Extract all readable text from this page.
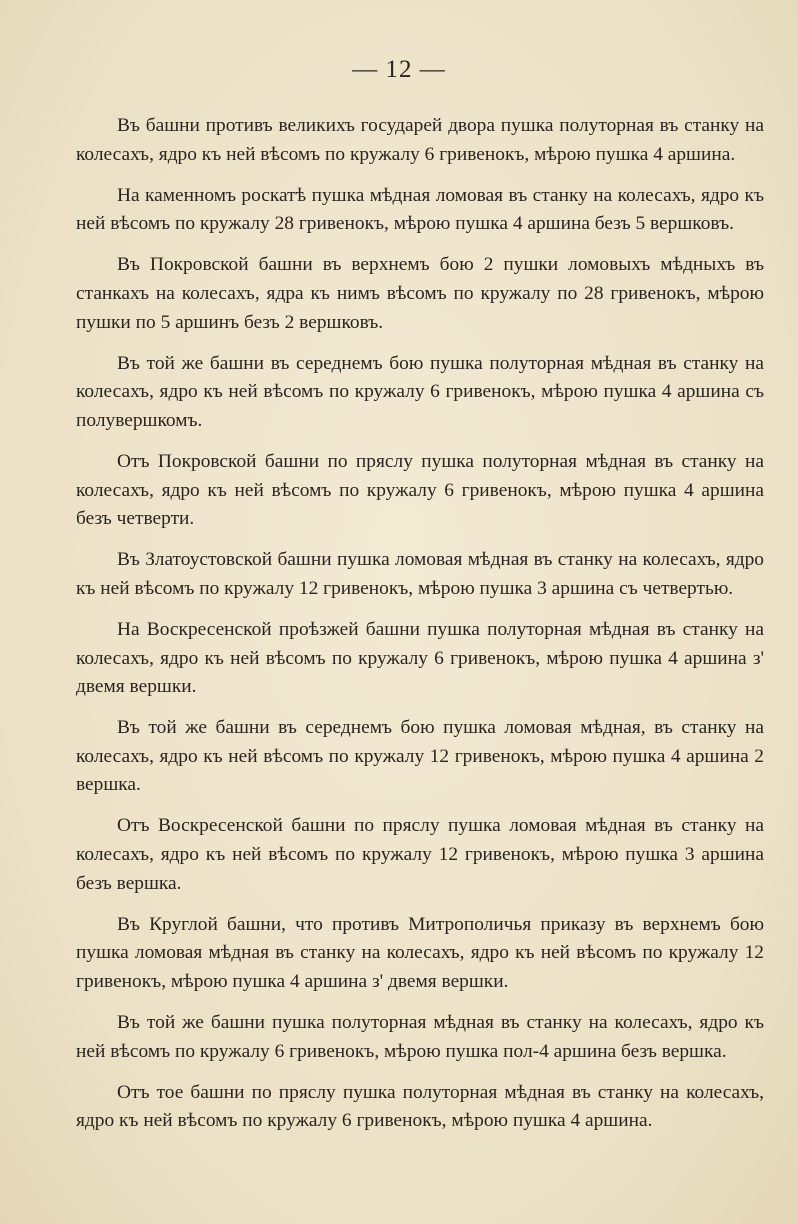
— 12 —

Въ башни противъ великихъ государей двора пушка полуторная въ станку на колесахъ, ядро къ ней вѣсомъ по кружалу 6 гривенокъ, мѣрою пушка 4 аршина.

На каменномъ роскатѣ пушка мѣдная ломовая въ станку на колесахъ, ядро къ ней вѣсомъ по кружалу 28 гривенокъ, мѣрою пушка 4 аршина безъ 5 вершковъ.

Въ Покровской башни въ верхнемъ бою 2 пушки ломовыхъ мѣдныхъ въ станкахъ на колесахъ, ядра къ нимъ вѣсомъ по кружалу по 28 гривенокъ, мѣрою пушки по 5 аршинъ безъ 2 вершковъ.

Въ той же башни въ середнемъ бою пушка полуторная мѣдная въ станку на колесахъ, ядро къ ней вѣсомъ по кружалу 6 гривенокъ, мѣрою пушка 4 аршина съ полувершкомъ.

Отъ Покровской башни по пряслу пушка полуторная мѣдная въ станку на колесахъ, ядро къ ней вѣсомъ по кружалу 6 гривенокъ, мѣрою пушка 4 аршина безъ четверти.

Въ Златоустовской башни пушка ломовая мѣдная въ станку на колесахъ, ядро къ ней вѣсомъ по кружалу 12 гривенокъ, мѣрою пушка 3 аршина съ четвертью.

На Воскресенской проѣзжей башни пушка полуторная мѣдная въ станку на колесахъ, ядро къ ней вѣсомъ по кружалу 6 гривенокъ, мѣрою пушка 4 аршина з' двемя вершки.

Въ той же башни въ середнемъ бою пушка ломовая мѣдная, въ станку на колесахъ, ядро къ ней вѣсомъ по кружалу 12 гривенокъ, мѣрою пушка 4 аршина 2 вершка.

Отъ Воскресенской башни по пряслу пушка ломовая мѣдная въ станку на колесахъ, ядро къ ней вѣсомъ по кружалу 12 гривенокъ, мѣрою пушка 3 аршина безъ вершка.

Въ Круглой башни, что противъ Митрополичья приказу въ верхнемъ бою пушка ломовая мѣдная въ станку на колесахъ, ядро къ ней вѣсомъ по кружалу 12 гривенокъ, мѣрою пушка 4 аршина з' двемя вершки.

Въ той же башни пушка полуторная мѣдная въ станку на колесахъ, ядро къ ней вѣсомъ по кружалу 6 гривенокъ, мѣрою пушка пол-4 аршина безъ вершка.

Отъ тое башни по пряслу пушка полуторная мѣдная въ станку на колесахъ, ядро къ ней вѣсомъ по кружалу 6 гривенокъ, мѣрою пушка 4 аршина.
